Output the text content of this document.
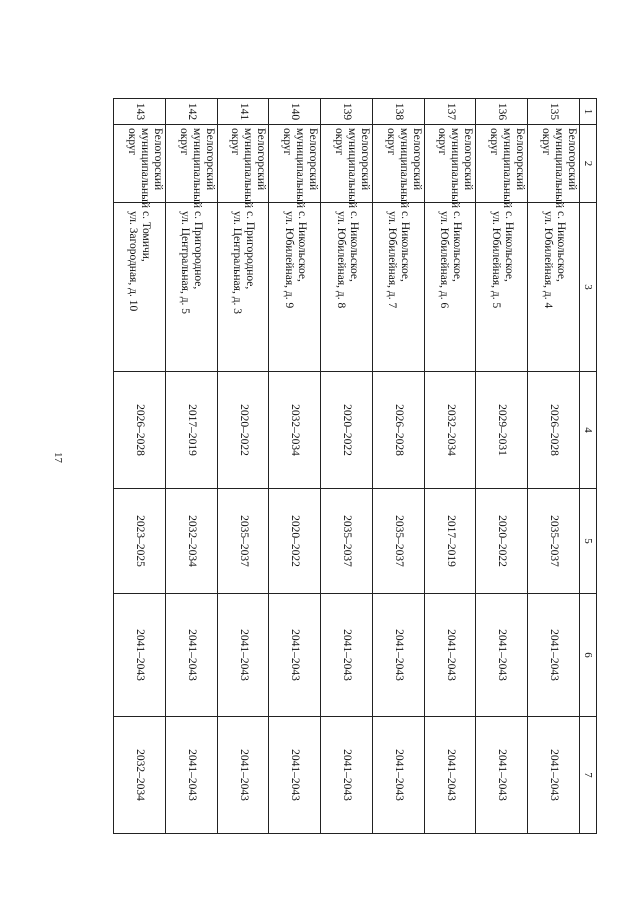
17
1	2	3	4	5	6	7
135	Белогорский муниципальный округ	с. Никольское,
ул. Юбилейная, д. 4	2026–2028	2035–2037	2041–2043	2041–2043
136	Белогорский муниципальный округ	с. Никольское,
ул. Юбилейная, д. 5	2029–2031	2020–2022	2041–2043	2041–2043
137	Белогорский муниципальный округ	с. Никольское,
ул. Юбилейная, д. 6	2032–2034	2017–2019	2041–2043	2041–2043
138	Белогорский муниципальный округ	с. Никольское,
ул. Юбилейная, д. 7	2026–2028	2035–2037	2041–2043	2041–2043
139	Белогорский муниципальный округ	с. Никольское,
ул. Юбилейная, д. 8	2020–2022	2035–2037	2041–2043	2041–2043
140	Белогорский муниципальный округ	с. Никольское,
ул. Юбилейная, д. 9	2032–2034	2020–2022	2041–2043	2041–2043
141	Белогорский муниципальный округ	с. Пригородное,
ул. Центральная, д. 3	2020–2022	2035–2037	2041–2043	2041–2043
142	Белогорский муниципальный округ	с. Пригородное,
ул. Центральная, д. 5	2017–2019	2032–2034	2041–2043	2041–2043
143	Белогорский муниципальный округ	с. Томичи,
ул. Загородная, д. 10	2026–2028	2023–2025	2041–2043	2032–2034
